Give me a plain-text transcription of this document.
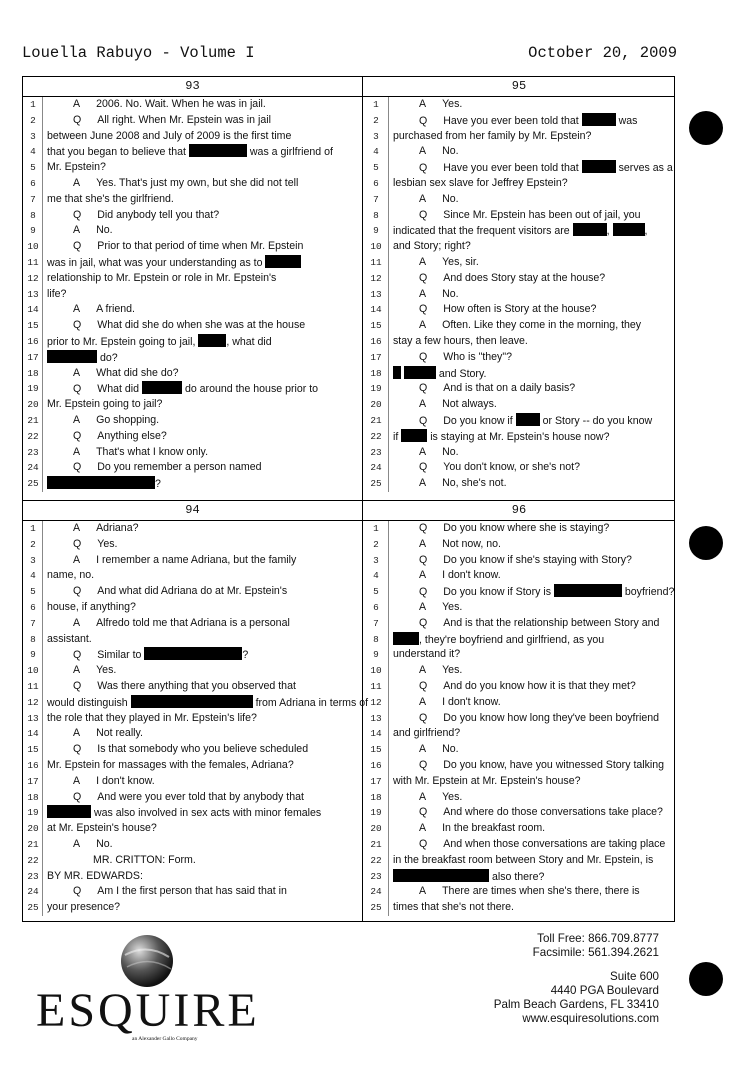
Louella Rabuyo - Volume I	October 20, 2009
93
1	A 2006. No. Wait. When he was in jail.
2	Q All right. When Mr. Epstein was in jail
3	between June 2008 and July of 2009 is the first time
4	that you began to believe that	was a girlfriend of
5	Mr. Epstein?
6	A Yes. That's just my own, but she did not tell
7	me that she's the girlfriend.
8	Q Did anybody tell you that?
9	A No.
10	Q Prior to that period of time when Mr. Epstein
11 was in jail, what was your understanding as to
12 relationship to Mr. Epstein or role in Mr. Epstein's
13 life?
14	A A friend.
15	Q What did she do when she was at the house
16 prior to Mr. Epstein going to jail,	, what did
17	do?
18	A What did she do?
19	Q What did	do around the house prior to
20 Mr. Epstein going to jail?
21	A Go shopping.
22	Q Anything else?
23	A That's what I know only.
24	Q Do you remember a person named
25	?
95
1	A Yes.
2	Q Have you ever been told that	was
3	purchased from her family by Mr. Epstein?
4	A No.
5	Q Have you ever been told that	serves as a
6	lesbian sex slave for Jeffrey Epstein?
7	A No.
8	Q Since Mr. Epstein has been out of jail, you
9	indicated that the frequent visitors are	,	,
10	and Story; right?
11	A Yes, sir.
12	Q And does Story stay at the house?
13	A No.
14	Q How often is Story at the house?
15	A Often. Like they come in the morning, they
16	stay a few hours, then leave.
17	Q Who is "they"?
18	and Story.
19	Q And is that on a daily basis?
20	A Not always.
21	Q Do you know if  or Story -- do you know
22	if  is staying at Mr. Epstein's house now?
23	A No.
24	Q You don't know, or she's not?
25	A No, she's not.
94
1	A Adriana?
2	Q Yes.
3	A I remember a name Adriana, but the family
4	name, no.
5	Q And what did Adriana do at Mr. Epstein's
6	house, if anything?
7	A Alfredo told me that Adriana is a personal
8	assistant.
9	Q Similar to	?
10	A Yes.
11	Q Was there anything that you observed that
12 would distinguish	from Adriana in terms of
13 the role that they played in Mr. Epstein's life?
14	A Not really.
15	Q Is that somebody who you believe scheduled
16 Mr. Epstein for massages with the females, Adriana?
17	A I don't know.
18	Q And were you ever told that by anybody that
19	was also involved in sex acts with minor females
20 at Mr. Epstein's house?
21	A No.
22	MR. CRITTON: Form.
23 BY MR. EDWARDS:
24	Q Am I the first person that has said that in
25 your presence?
96
1	Q Do you know where she is staying?
2	A Not now, no.
3	Q Do you know if she's staying with Story?
4	A I don't know.
5	Q Do you know if Story is	boyfriend?
6	A Yes.
7	Q And is that the relationship between Story and
8	, they're boyfriend and girlfriend, as you
9	understand it?
10	A Yes.
11	Q And do you know how it is that they met?
12	A I don't know.
13	Q Do you know how long they've been boyfriend
14	and girlfriend?
15	A No.
16	Q Do you know, have you witnessed Story talking
17	with Mr. Epstein at Mr. Epstein's house?
18	A Yes.
19	Q And where do those conversations take place?
20	A In the breakfast room.
21	Q And when those conversations are taking place
22	in the breakfast room between Story and Mr. Epstein, is
23	also there?
24	A There are times when she's there, there is
25	times that she's not there.
ESQUIRE
an Alexander Gallo Company
Toll Free: 866.709.8777
Facsimile: 561.394.2621
Suite 600
4440 PGA Boulevard
Palm Beach Gardens, FL 33410
www.esquiresolutions.com
